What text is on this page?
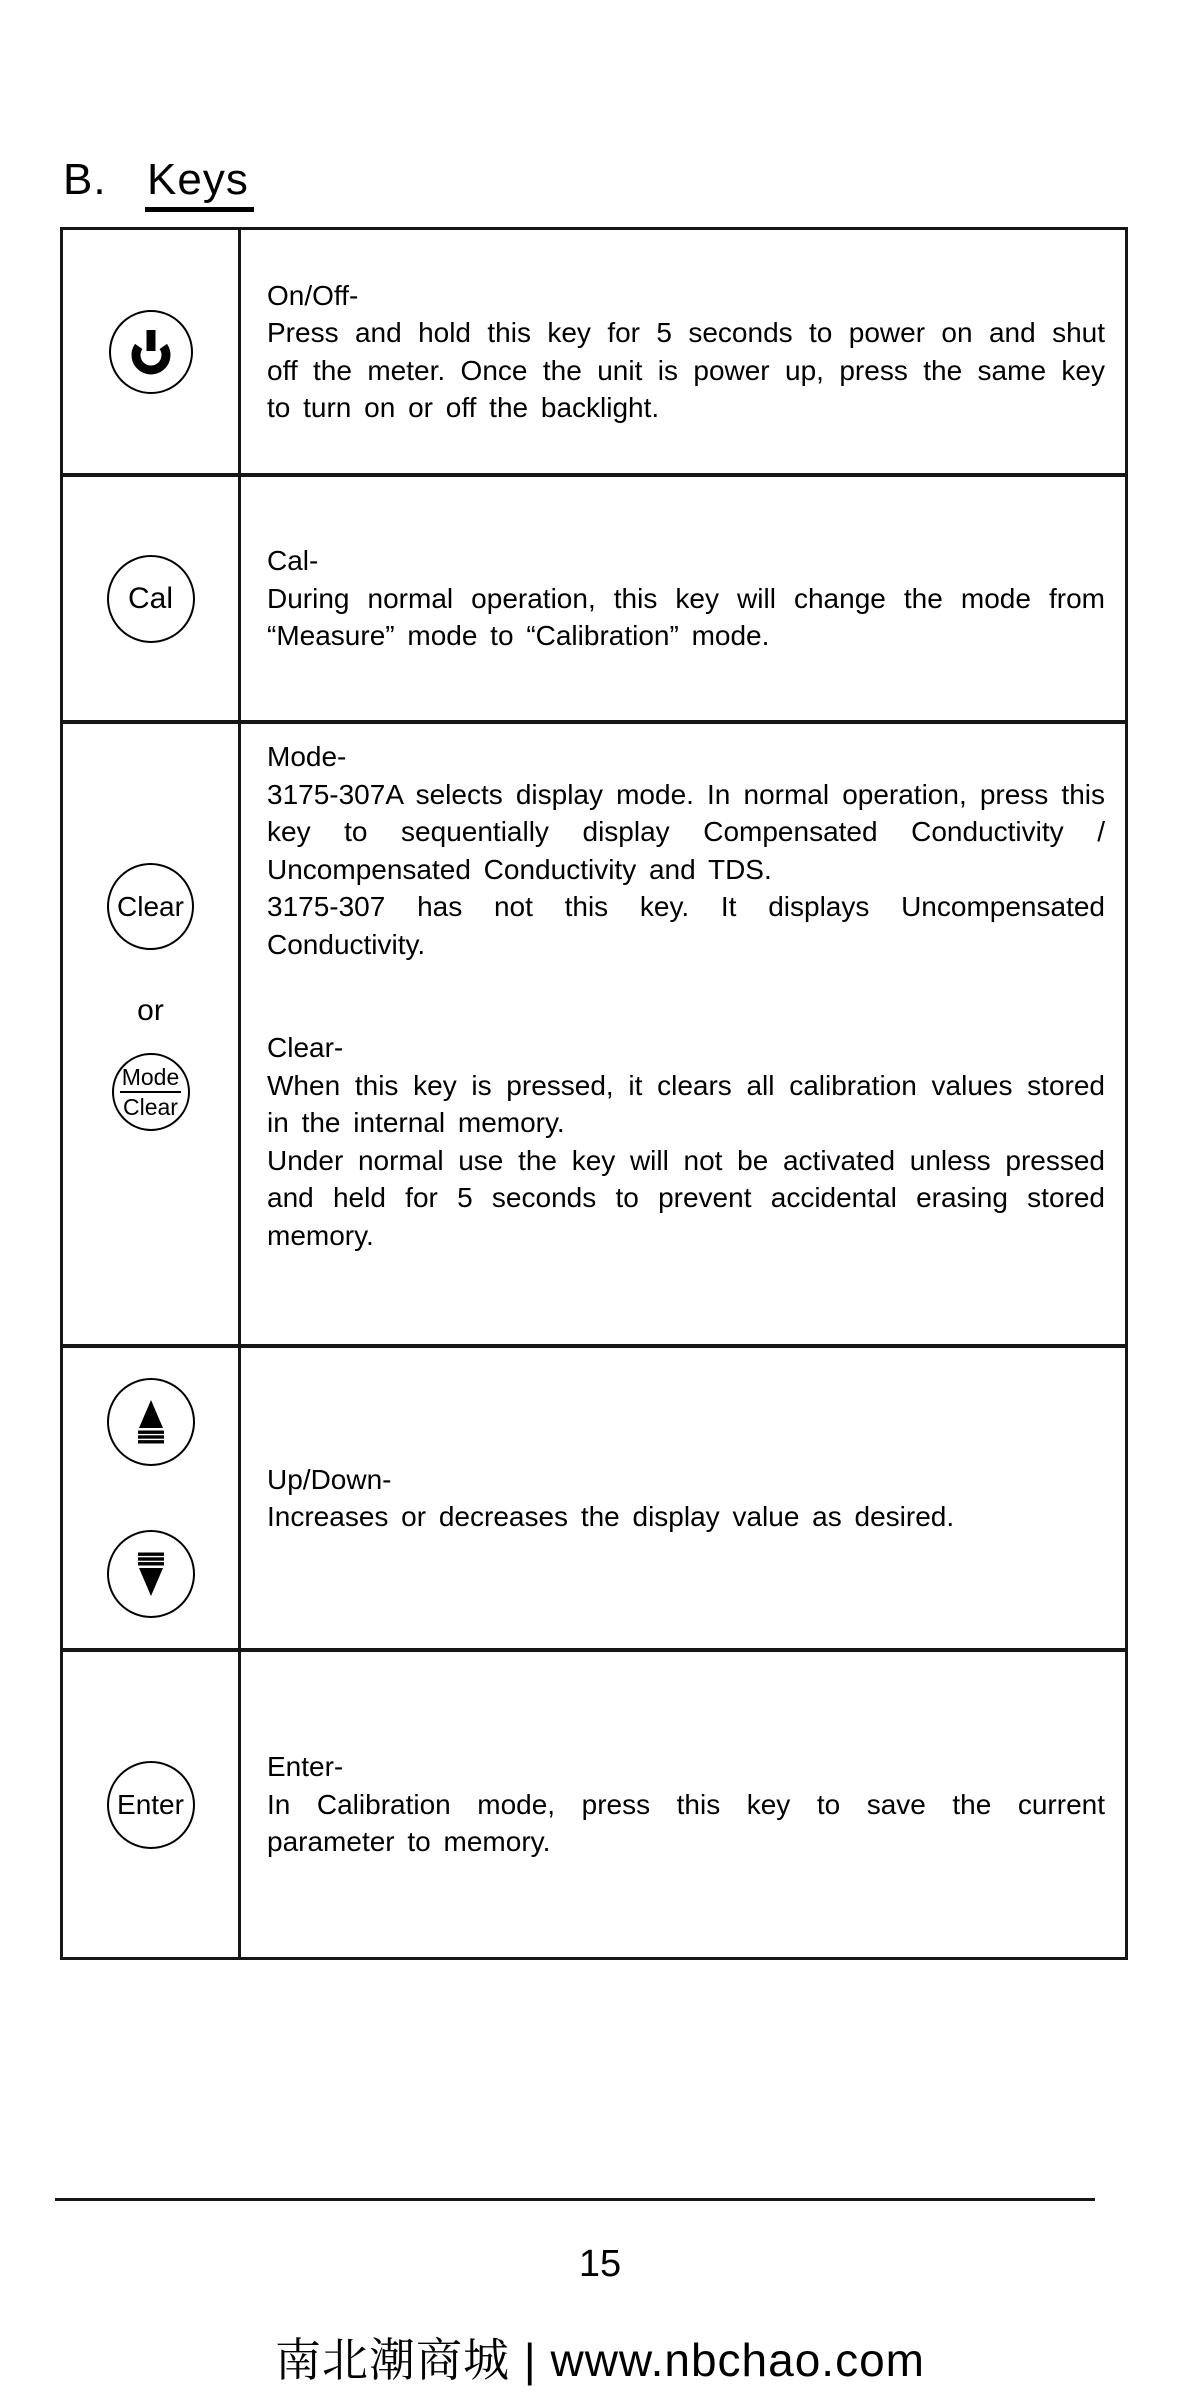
B. Keys
On/Off-
Press and hold this key for 5 seconds to power on and shut off the meter. Once the unit is power up, press the same key to turn on or off the backlight.
Cal
Cal-
During normal operation, this key will change the mode from “Measure” mode to “Calibration” mode.
Clear
or
$\frac{\text{Mode}}{\text{Clear}}$
Mode-
3175-307A selects display mode. In normal operation, press this key to sequentially display Compensated Conductivity / Uncompensated Conductivity and TDS.
3175-307 has not this key. It displays Uncompensated Conductivity.
Clear-
When this key is pressed, it clears all calibration values stored in the internal memory.
Under normal use the key will not be activated unless pressed and held for 5 seconds to prevent accidental erasing stored memory.
Up/Down-
Increases or decreases the display value as desired.
Enter
Enter-
In Calibration mode, press this key to save the current parameter to memory.
15
南北潮商城 | www.nbchao.com
